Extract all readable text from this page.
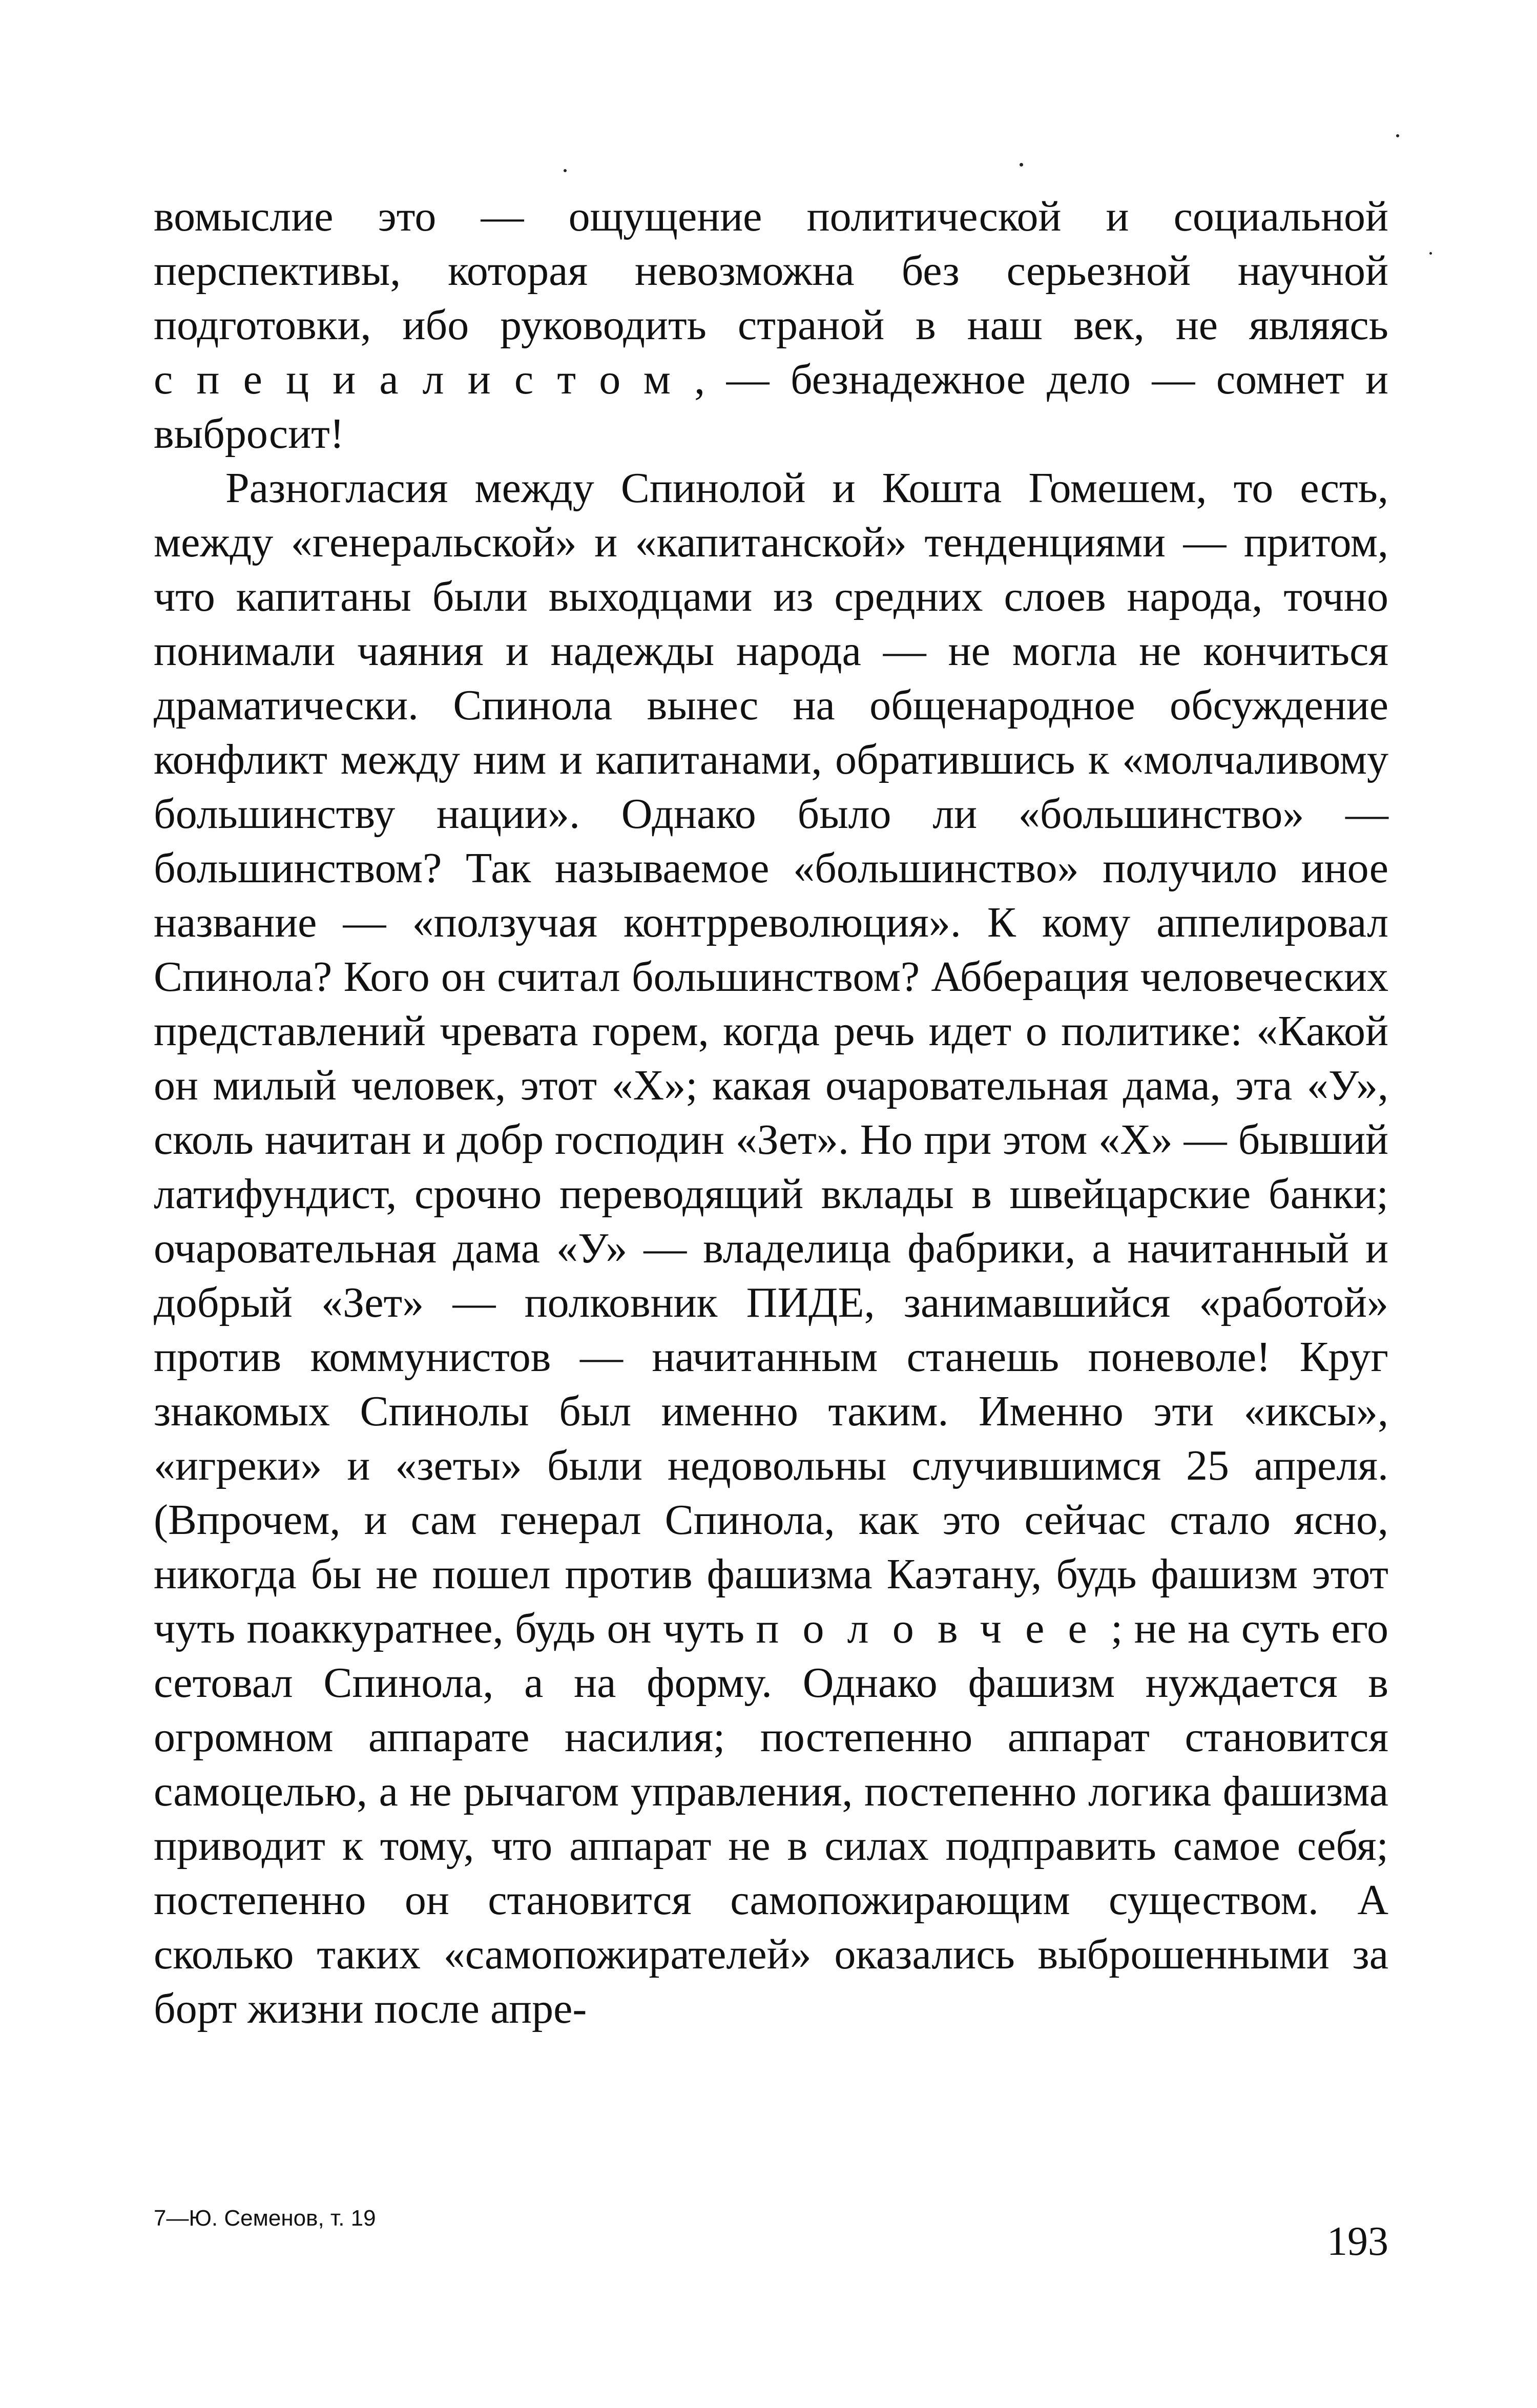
вомыслие это — ощущение политической и социальной перспективы, которая невозможна без серьезной научной подготовки, ибо руководить страной в наш век, не являясь специалистом, — безнадежное дело — сомнет и выбросит!

Разногласия между Спинолой и Кошта Гомешем, то есть, между «генеральской» и «капитанской» тенденциями — притом, что капитаны были выходцами из средних слоев народа, точно понимали чаяния и надежды народа — не могла не кончиться драматически. Спинола вынес на общенародное обсуждение конфликт между ним и капитанами, обратившись к «молчаливому большинству нации». Однако было ли «большинство» — большинством? Так называемое «большинство» получило иное название — «ползучая контрреволюция». К кому аппелировал Спинола? Кого он считал большинством? Абберация человеческих представлений чревата горем, когда речь идет о политике: «Какой он милый человек, этот «Х»; какая очаровательная дама, эта «У», сколь начитан и добр господин «Зет». Но при этом «Х» — бывший латифундист, срочно переводящий вклады в швейцарские банки; очаровательная дама «У» — владелица фабрики, а начитанный и добрый «Зет» — полковник ПИДЕ, занимавшийся «работой» против коммунистов — начитанным станешь поневоле! Круг знакомых Спинолы был именно таким. Именно эти «иксы», «игреки» и «зеты» были недовольны случившимся 25 апреля. (Впрочем, и сам генерал Спинола, как это сейчас стало ясно, никогда бы не пошел против фашизма Каэтану, будь фашизм этот чуть поаккуратнее, будь он чуть половчее; не на суть его сетовал Спинола, а на форму. Однако фашизм нуждается в огромном аппарате насилия; постепенно аппарат становится самоцелью, а не рычагом управления, постепенно логика фашизма приводит к тому, что аппарат не в силах подправить самое себя; постепенно он становится самопожирающим существом. А сколько таких «самопожирателей» оказались выброшенными за борт жизни после апре-

7—Ю. Семенов, т. 19
193
